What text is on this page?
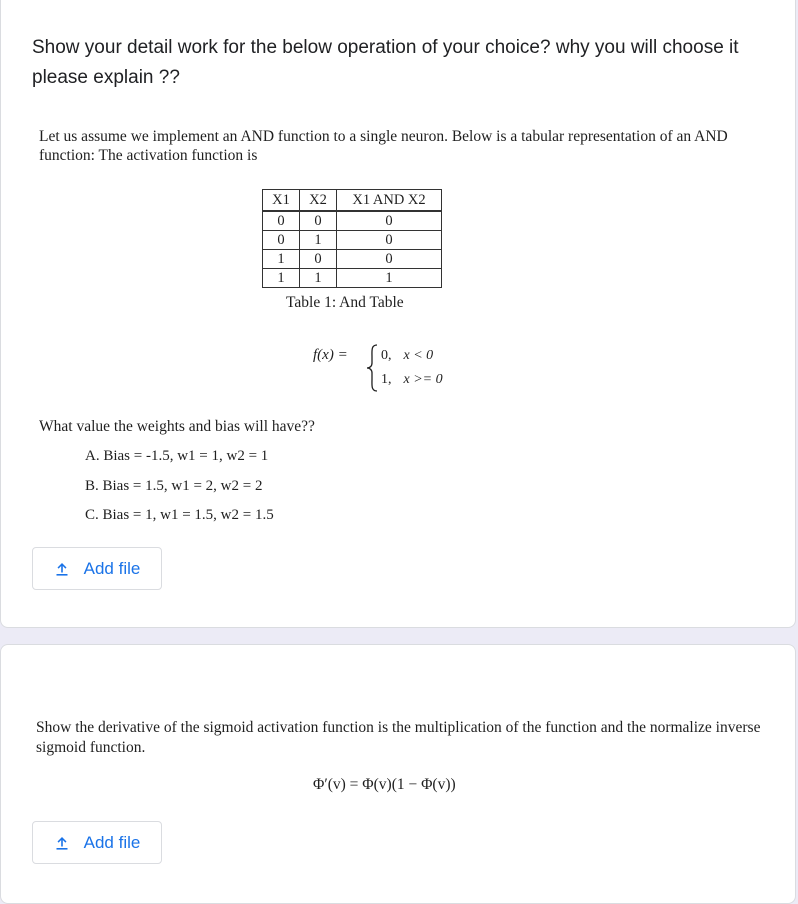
Show your detail work for the below operation of your choice? why you will choose it please explain ??
Let us assume we implement an AND function to a single neuron. Below is a tabular representation of an AND function: The activation function is
X1	X2	X1 AND X2
0	0	0
0	1	0
1	0	0
1	1	1
Table 1: And Table
f(x) = 0, x < 0
1, x >= 0
What value the weights and bias will have??
A. Bias = -1.5, w1 = 1, w2 = 1
B. Bias = 1.5, w1 = 2, w2 = 2
C. Bias = 1, w1 = 1.5, w2 = 1.5
Add file
Show the derivative of the sigmoid activation function is the multiplication of the function and the normalize inverse sigmoid function.
Φ′(v) = Φ(v)(1 − Φ(v))
Add file
